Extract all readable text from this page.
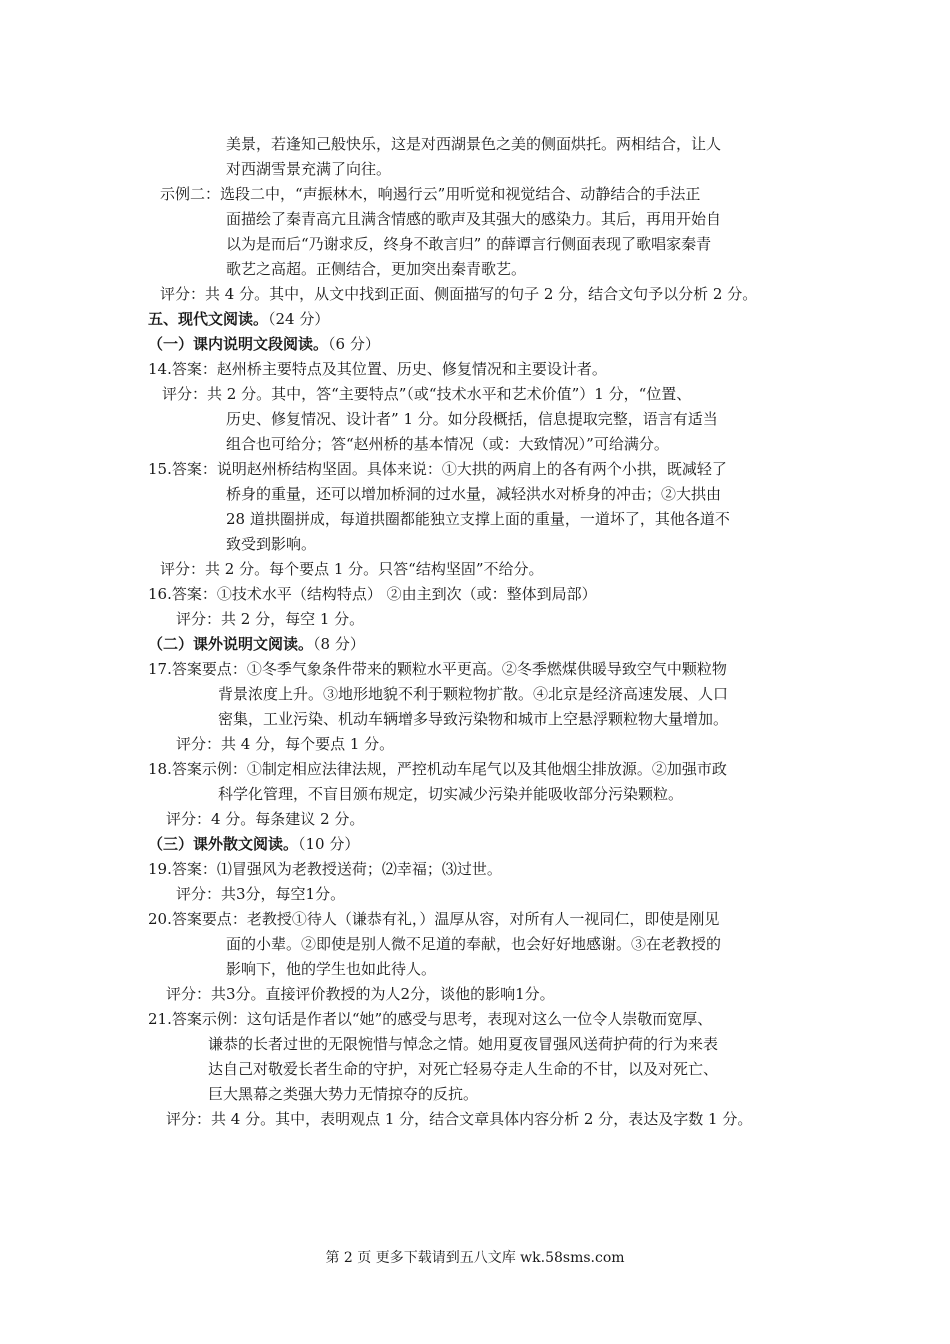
美景，若逢知己般快乐，这是对西湖景色之美的侧面烘托。两相结合，让人
对西湖雪景充满了向往。
示例二：选段二中，“声振林木，响遏行云”用听觉和视觉结合、动静结合的手法正
面描绘了秦青高亢且满含情感的歌声及其强大的感染力。其后，再用开始自
以为是而后“乃谢求反，终身不敢言归” 的薛谭言行侧面表现了歌唱家秦青
歌艺之高超。正侧结合，更加突出秦青歌艺。
评分：共 4 分。其中，从文中找到正面、侧面描写的句子 2 分，结合文句予以分析 2 分。
五、现代文阅读。（24 分）
（一）课内说明文段阅读。（6 分）
14.答案：赵州桥主要特点及其位置、历史、修复情况和主要设计者。
评分：共 2 分。其中，答“主要特点”（或“技术水平和艺术价值”）1 分，“位置、
历史、修复情况、设计者” 1 分。如分段概括，信息提取完整，语言有适当
组合也可给分；答“赵州桥的基本情况（或：大致情况）”可给满分。
15.答案：说明赵州桥结构坚固。具体来说：①大拱的两肩上的各有两个小拱，既减轻了
桥身的重量，还可以增加桥洞的过水量，减轻洪水对桥身的冲击；②大拱由
28 道拱圈拼成，每道拱圈都能独立支撑上面的重量，一道坏了，其他各道不
致受到影响。
评分：共 2 分。每个要点 1 分。只答“结构坚固”不给分。
16.答案：①技术水平（结构特点） ②由主到次（或：整体到局部）
评分：共 2 分，每空 1 分。
（二）课外说明文阅读。（8 分）
17.答案要点：①冬季气象条件带来的颗粒水平更高。②冬季燃煤供暖导致空气中颗粒物
背景浓度上升。③地形地貌不利于颗粒物扩散。④北京是经济高速发展、人口
密集，工业污染、机动车辆增多导致污染物和城市上空悬浮颗粒物大量增加。
评分：共 4 分，每个要点 1 分。
18.答案示例：①制定相应法律法规，严控机动车尾气以及其他烟尘排放源。②加强市政
科学化管理，不盲目颁布规定，切实减少污染并能吸收部分污染颗粒。
评分：4 分。每条建议 2 分。
（三）课外散文阅读。（10 分）
19.答案：⑴冒强风为老教授送荷；⑵幸福；⑶过世。
评分：共3分，每空1分。
20.答案要点：老教授①待人（谦恭有礼，）温厚从容，对所有人一视同仁，即使是刚见
面的小辈。②即使是别人微不足道的奉献，也会好好地感谢。③在老教授的
影响下，他的学生也如此待人。
评分：共3分。直接评价教授的为人2分，谈他的影响1分。
21.答案示例：这句话是作者以“她”的感受与思考，表现对这么一位令人崇敬而宽厚、
谦恭的长者过世的无限惋惜与悼念之情。她用夏夜冒强风送荷护荷的行为来表
达自己对敬爱长者生命的守护，对死亡轻易夺走人生命的不甘，以及对死亡、
巨大黑幕之类强大势力无情掠夺的反抗。
评分：共 4 分。其中，表明观点 1 分，结合文章具体内容分析 2 分，表达及字数 1 分。
第 2 页 更多下载请到五八文库 wk.58sms.com
